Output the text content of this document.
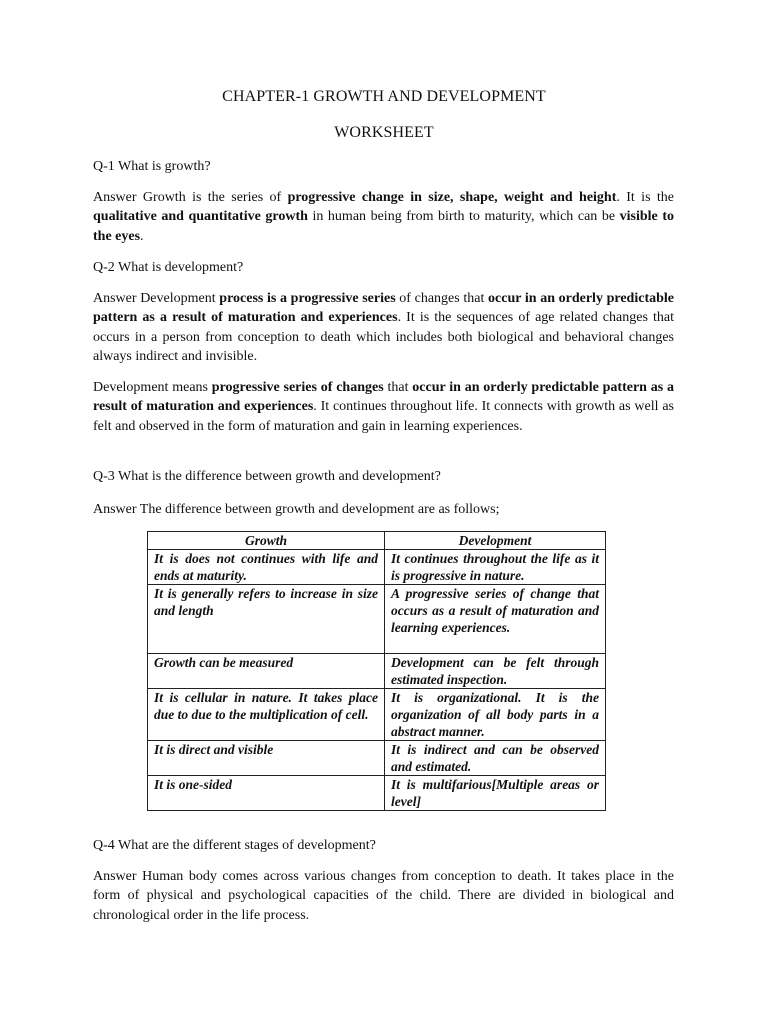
CHAPTER-1 GROWTH AND DEVELOPMENT
WORKSHEET

Q-1 What is growth?

Answer Growth is the series of progressive change in size, shape, weight and height. It is the qualitative and quantitative growth in human being from birth to maturity, which can be visible to the eyes.

Q-2 What is development?

Answer Development process is a progressive series of changes that occur in an orderly predictable pattern as a result of maturation and experiences. It is the sequences of age related changes that occurs in a person from conception to death which includes both biological and behavioral changes always indirect and invisible.

Development means progressive series of changes that occur in an orderly predictable pattern as a result of maturation and experiences. It continues throughout life. It connects with growth as well as felt and observed in the form of maturation and gain in learning experiences.

Q-3 What is the difference between growth and development?

Answer The difference between growth and development are as follows;

Growth	Development
It is does not continues with life and ends at maturity.	It continues throughout the life as it is progressive in nature.
It is generally refers to increase in size and length	A progressive series of change that occurs as a result of maturation and learning experiences.
Growth can be measured	Development can be felt through estimated inspection.
It is cellular in nature. It takes place due to due to the multiplication of cell.	It is organizational. It is the organization of all body parts in a abstract manner.
It is direct and visible	It is indirect and can be observed and estimated.
It is one-sided	It is multifarious[Multiple areas or level]

Q-4 What are the different stages of development?

Answer Human body comes across various changes from conception to death. It takes place in the form of physical and psychological capacities of the child. There are divided in biological and chronological order in the life process.
